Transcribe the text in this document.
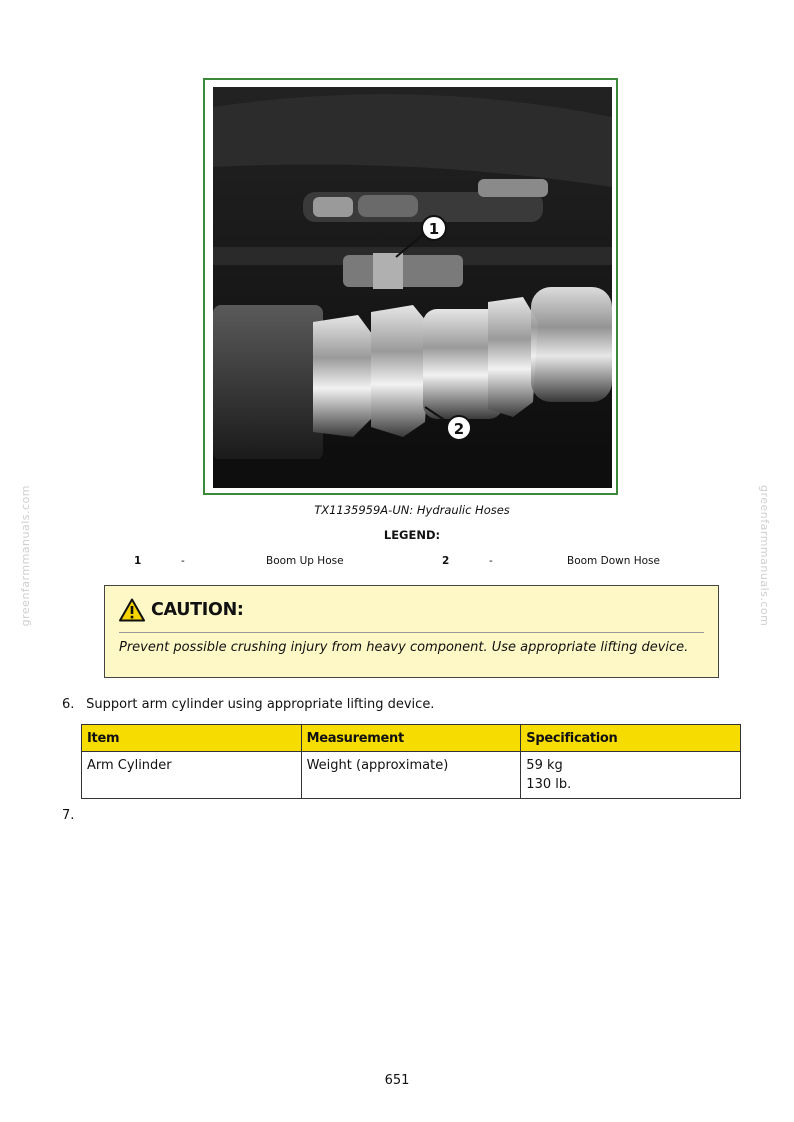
greenfarmmanuals.com	greenfarmmanuals.com
1
2
TX1135959A-UN: Hydraulic Hoses
LEGEND:
1	-	Boom Up Hose	2	-	Boom Down Hose
CAUTION:
Prevent possible crushing injury from heavy component. Use appropriate lifting device.
6. Support arm cylinder using appropriate lifting device.
Item	Measurement	Specification
Arm Cylinder	Weight (approximate)	59 kg
130 lb.
7.
651
